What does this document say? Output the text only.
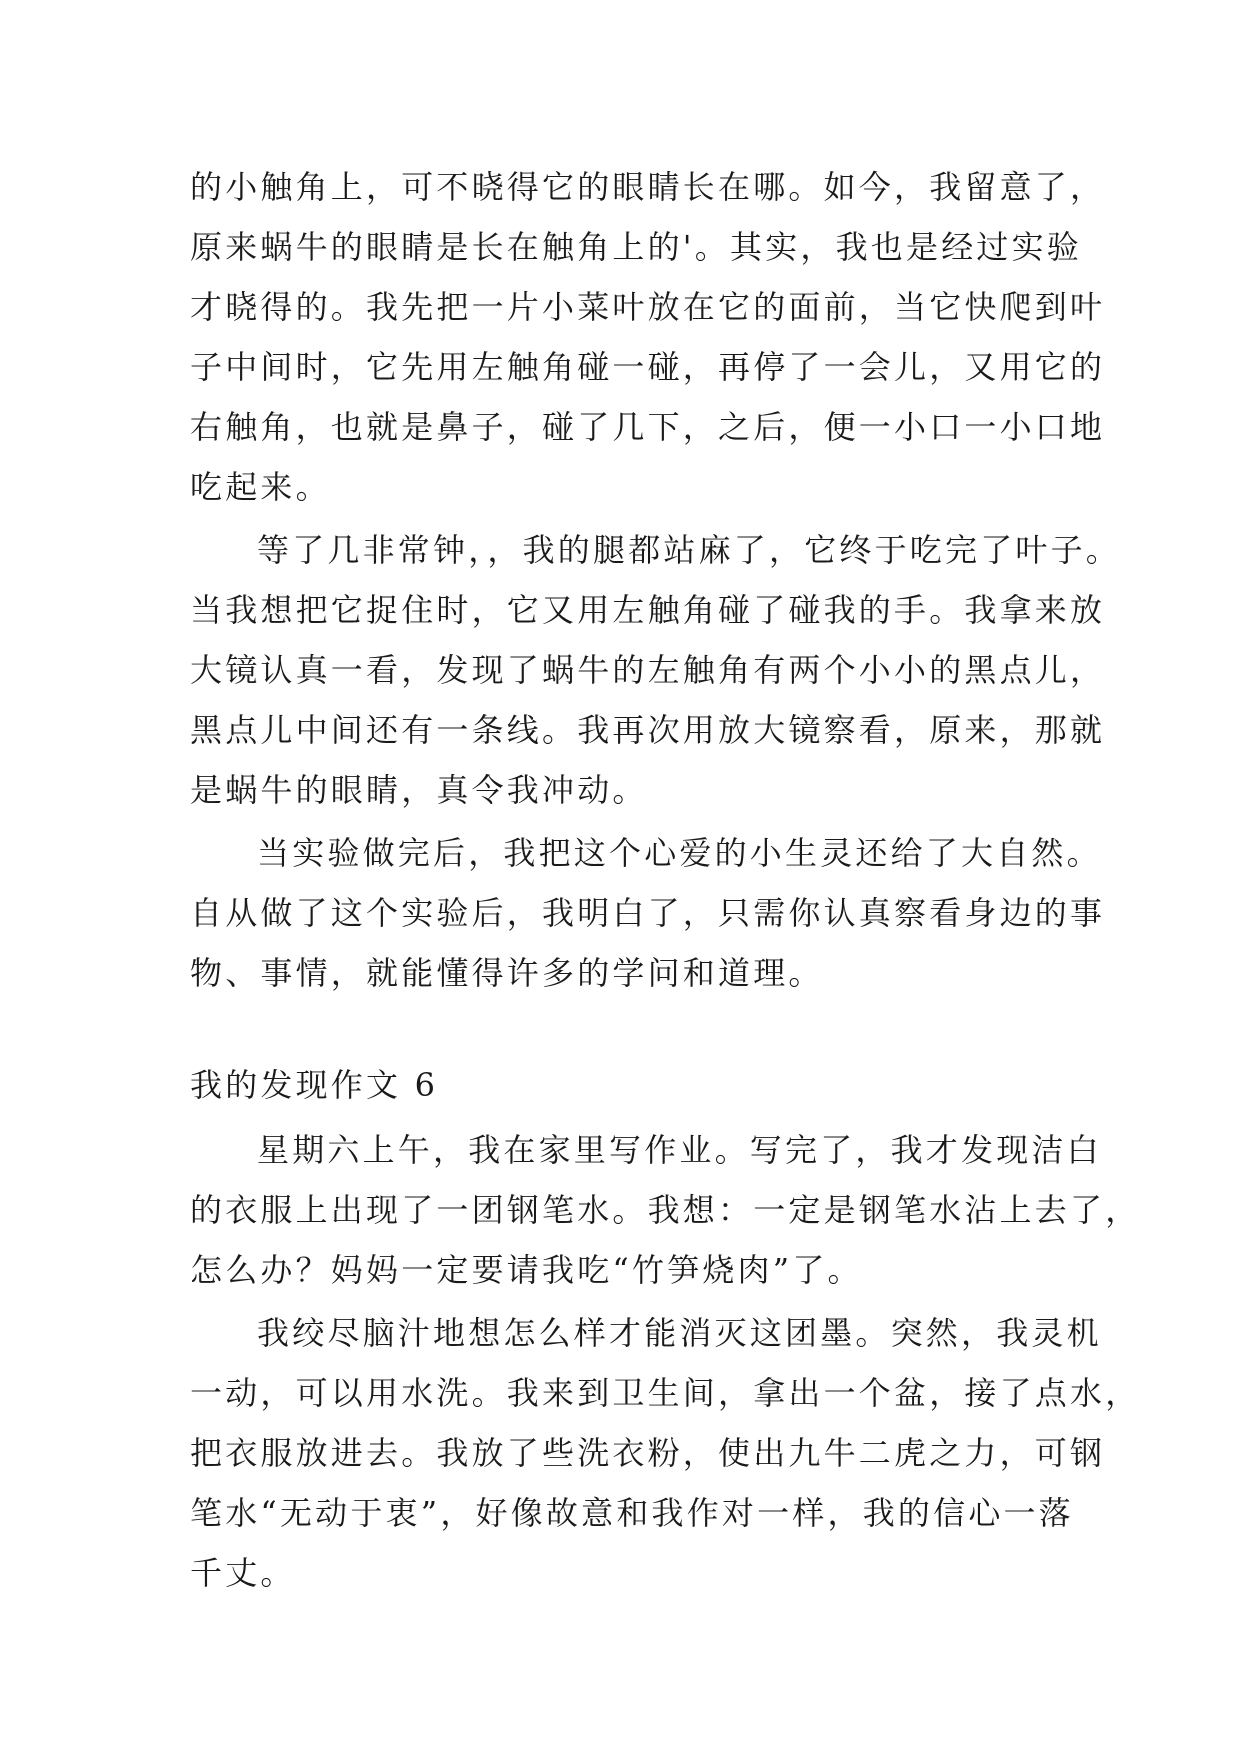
的小触角上，可不晓得它的眼睛长在哪。如今，我留意了，
原来蜗牛的眼睛是长在触角上的'。其实，我也是经过实验
才晓得的。我先把一片小菜叶放在它的面前，当它快爬到叶
子中间时，它先用左触角碰一碰，再停了一会儿，又用它的
右触角，也就是鼻子，碰了几下，之后，便一小口一小口地
吃起来。
等了几非常钟，，我的腿都站麻了，它终于吃完了叶子。
当我想把它捉住时，它又用左触角碰了碰我的手。我拿来放
大镜认真一看，发现了蜗牛的左触角有两个小小的黑点儿，
黑点儿中间还有一条线。我再次用放大镜察看，原来，那就
是蜗牛的眼睛，真令我冲动。
当实验做完后，我把这个心爱的小生灵还给了大自然。
自从做了这个实验后，我明白了，只需你认真察看身边的事
物、事情，就能懂得许多的学问和道理。
我的发现作文 6
星期六上午，我在家里写作业。写完了，我才发现洁白
的衣服上出现了一团钢笔水。我想：一定是钢笔水沾上去了，
怎么办？妈妈一定要请我吃“竹笋烧肉”了。
我绞尽脑汁地想怎么样才能消灭这团墨。突然，我灵机
一动，可以用水洗。我来到卫生间，拿出一个盆，接了点水，
把衣服放进去。我放了些洗衣粉，使出九牛二虎之力，可钢
笔水“无动于衷”，好像故意和我作对一样，我的信心一落
千丈。
